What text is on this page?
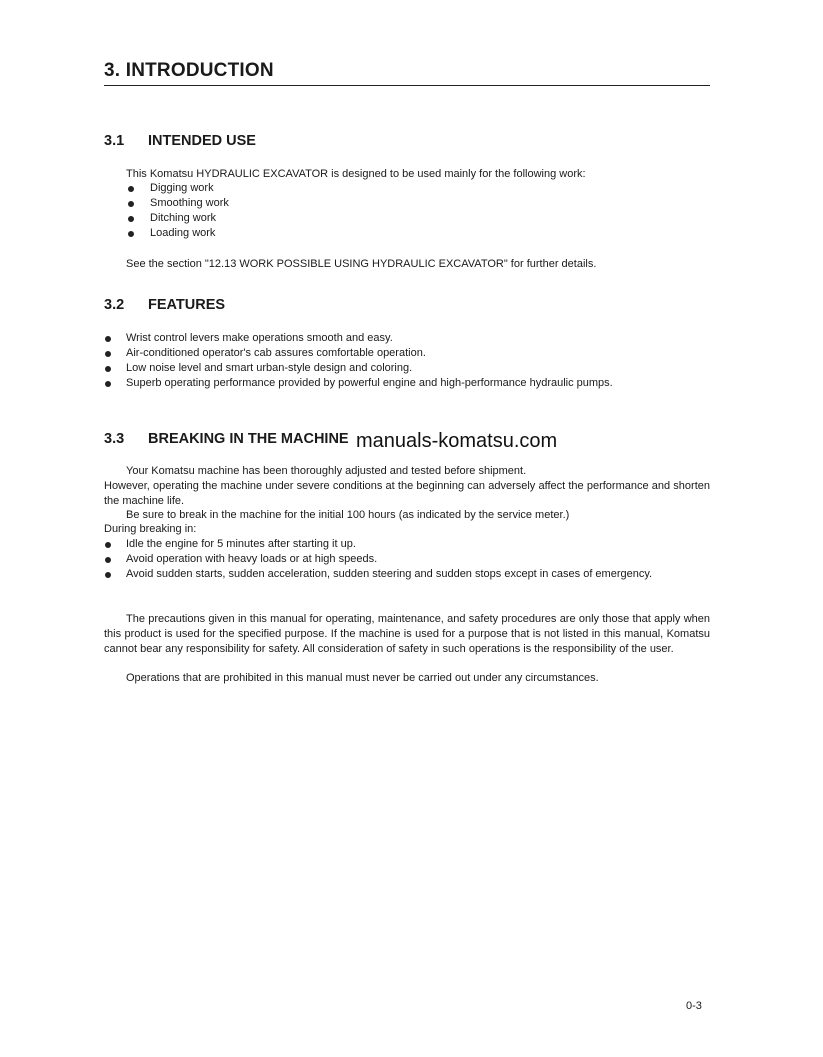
3. INTRODUCTION
3.1 INTENDED USE
This Komatsu HYDRAULIC EXCAVATOR is designed to be used mainly for the following work:
Digging work
Smoothing work
Ditching work
Loading work
See the section "12.13 WORK POSSIBLE USING HYDRAULIC EXCAVATOR" for further details.
3.2 FEATURES
Wrist control levers make operations smooth and easy.
Air-conditioned operator's cab assures comfortable operation.
Low noise level and smart urban-style design and coloring.
Superb operating performance provided by powerful engine and high-performance hydraulic pumps.
3.3 BREAKING IN THE MACHINE manuals-komatsu.com
Your Komatsu machine has been thoroughly adjusted and tested before shipment.
However, operating the machine under severe conditions at the beginning can adversely affect the performance and shorten the machine life.
Be sure to break in the machine for the initial 100 hours (as indicated by the service meter.)
During breaking in:
Idle the engine for 5 minutes after starting it up.
Avoid operation with heavy loads or at high speeds.
Avoid sudden starts, sudden acceleration, sudden steering and sudden stops except in cases of emergency.
The precautions given in this manual for operating, maintenance, and safety procedures are only those that apply when this product is used for the specified purpose. If the machine is used for a purpose that is not listed in this manual, Komatsu cannot bear any responsibility for safety. All consideration of safety in such operations is the responsibility of the user.
Operations that are prohibited in this manual must never be carried out under any circumstances.
0-3
